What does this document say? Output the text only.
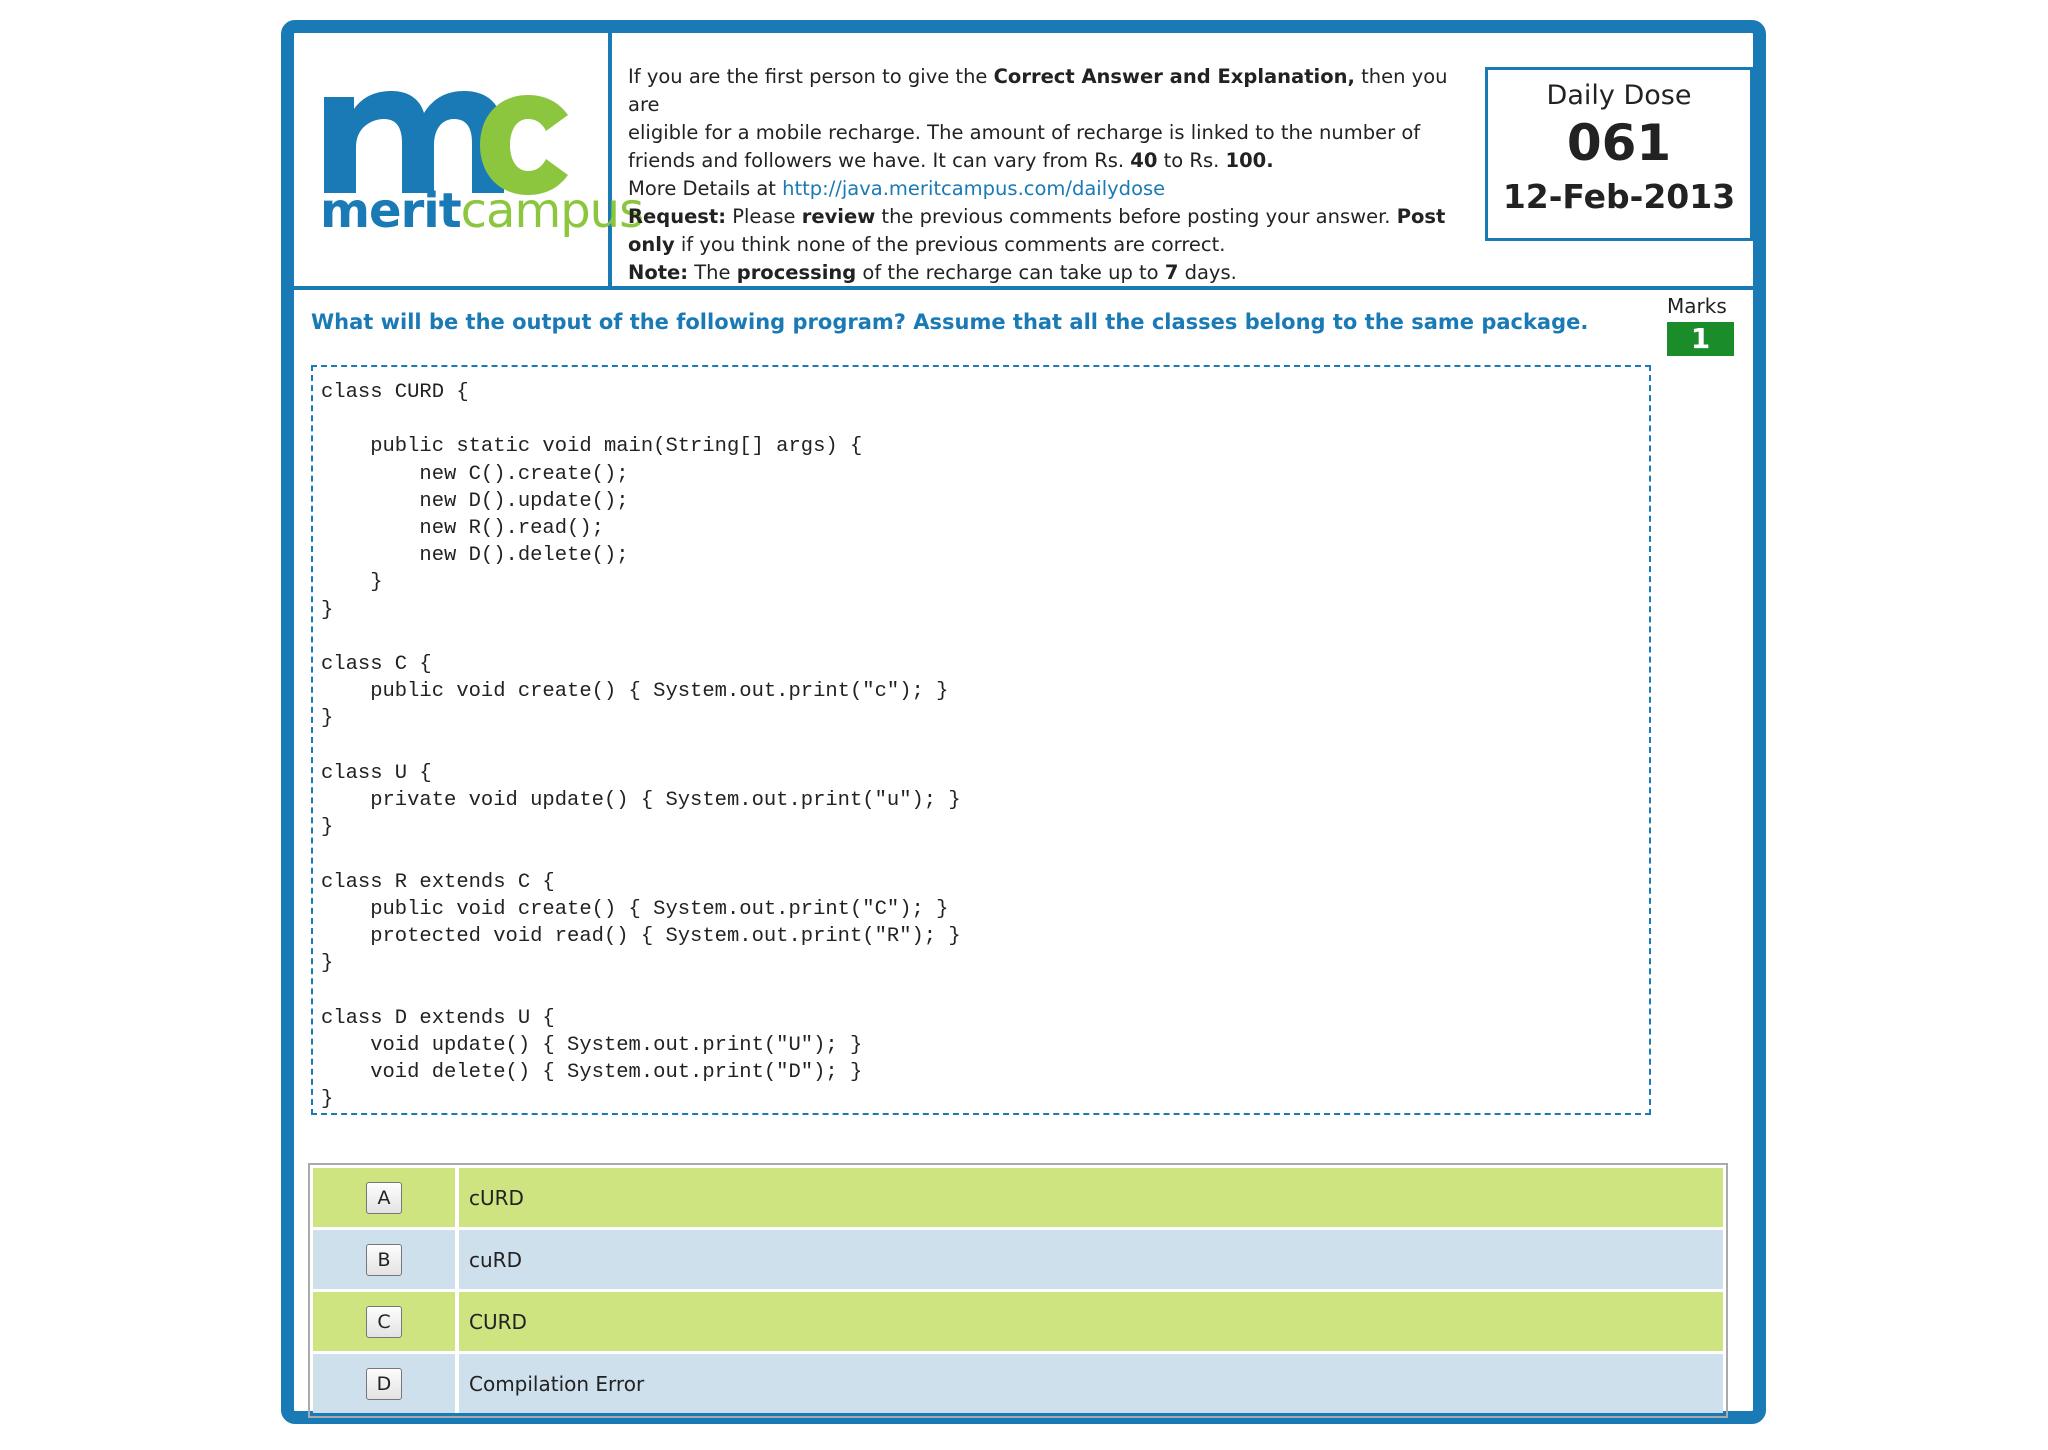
meritcampus
If you are the first person to give the Correct Answer and Explanation, then you are
eligible for a mobile recharge. The amount of recharge is linked to the number of
friends and followers we have. It can vary from Rs. 40 to Rs. 100.
More Details at http://java.meritcampus.com/dailydose
Request: Please review the previous comments before posting your answer. Post
only if you think none of the previous comments are correct.
Note: The processing of the recharge can take up to 7 days.
Daily Dose
061
12-Feb-2013
What will be the output of the following program? Assume that all the classes belong to the same package.
Marks
1
class CURD {

public static void main(String[] args) {
new C().create();
new D().update();
new R().read();
new D().delete();
}
}

class C {
public void create() { System.out.print("c"); }
}

class U {
private void update() { System.out.print("u"); }
}

class R extends C {
public void create() { System.out.print("C"); }
protected void read() { System.out.print("R"); }
}

class D extends U {
void update() { System.out.print("U"); }
void delete() { System.out.print("D"); }
}
A	cURD
B	cuRD
C	CURD
D	Compilation Error
